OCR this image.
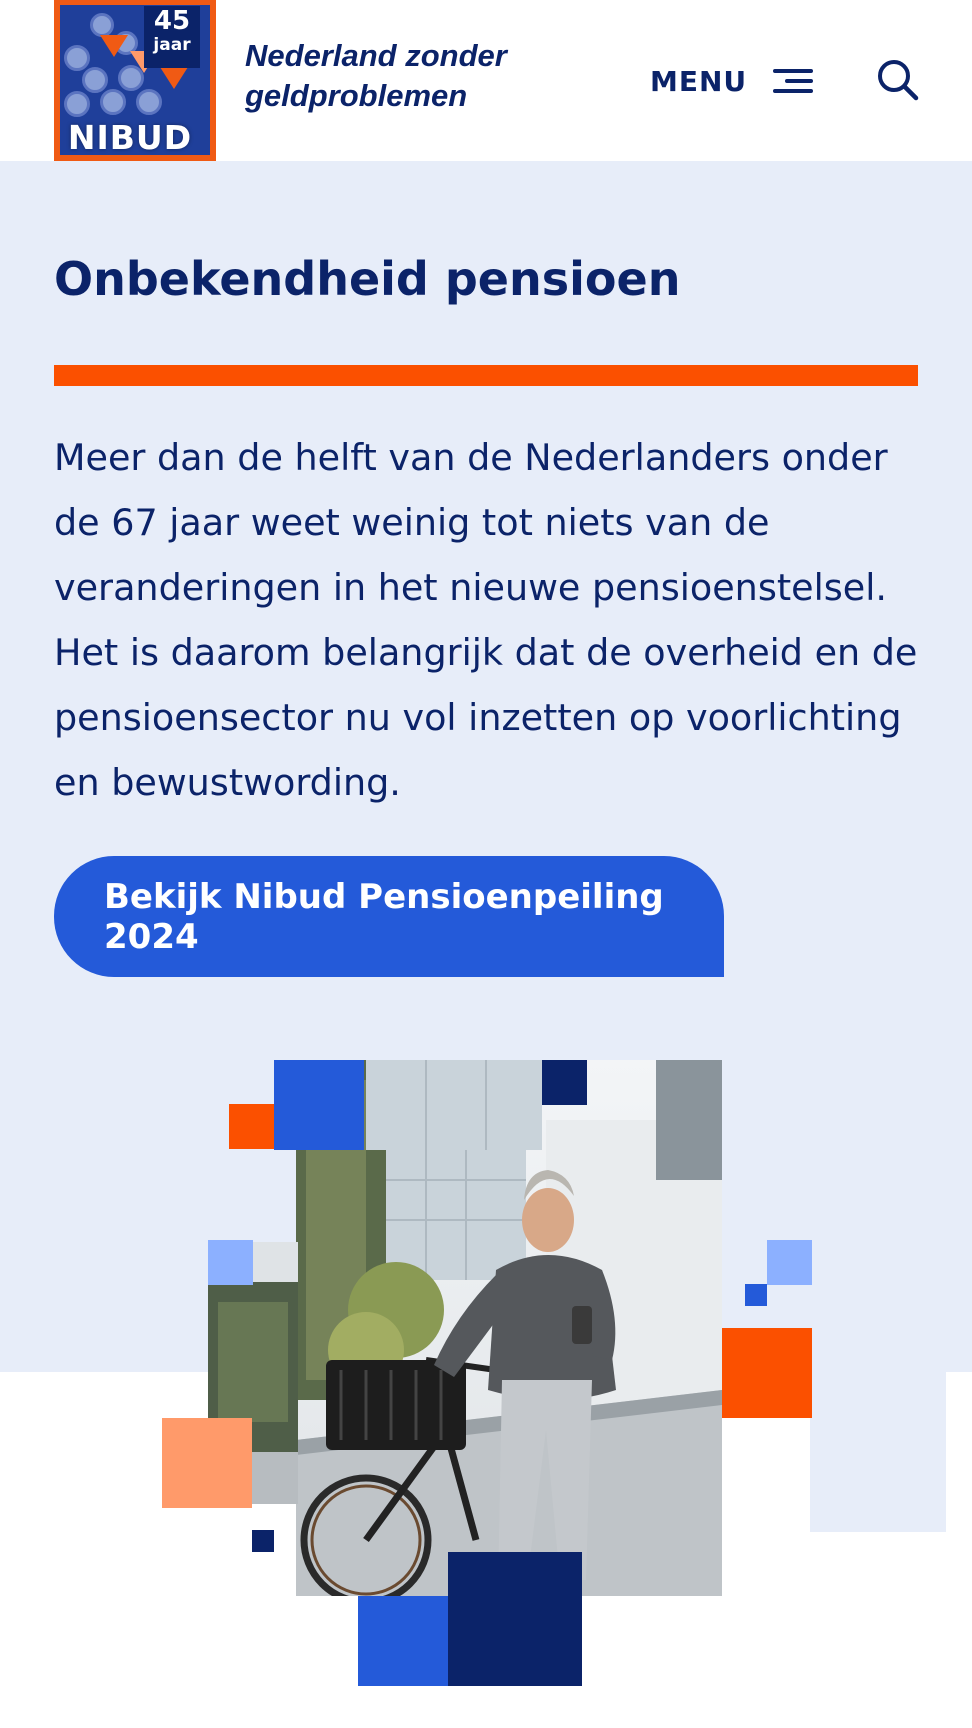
45
jaar
NIBUD
Nederland zonder
geldproblemen	MENU
Onbekendheid pensioen

Meer dan de helft van de Nederlanders onder de 67 jaar weet weinig tot niets van de veranderingen in het nieuwe pensioenstelsel. Het is daarom belangrijk dat de overheid en de pensioensector nu vol inzetten op voorlichting en bewustwording.

Bekijk Nibud Pensioenpeiling 2024
